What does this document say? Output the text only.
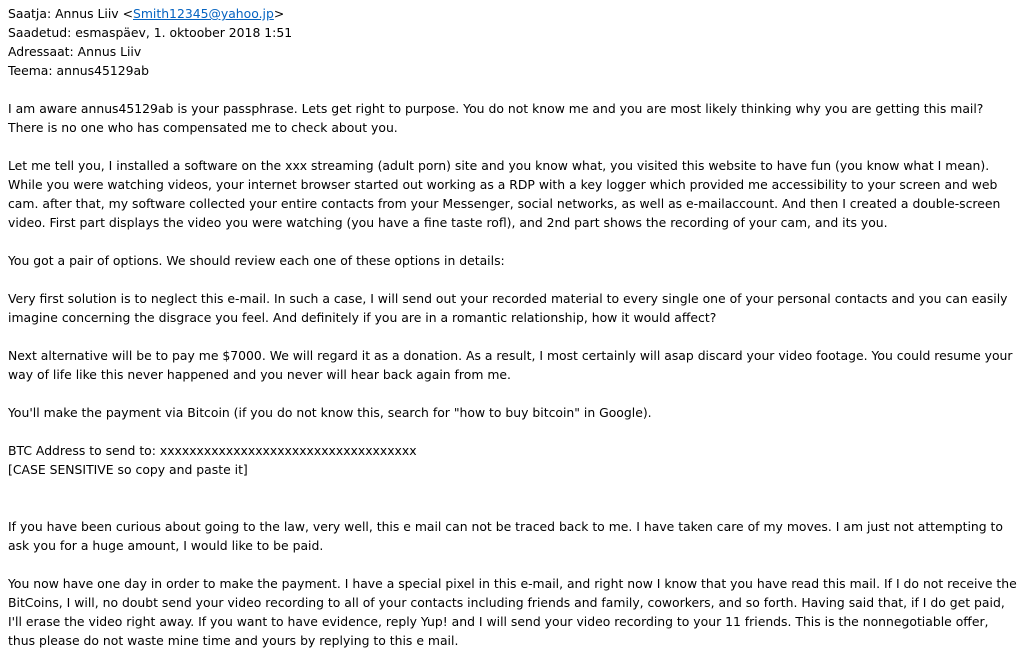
Saatja: Annus Liiv <Smith12345@yahoo.jp>
Saadetud: esmaspäev, 1. oktoober 2018 1:51
Adressaat: Annus Liiv
Teema: annus45129ab

I am aware annus45129ab is your passphrase. Lets get right to purpose. You do not know me and you are most likely thinking why you are getting this mail? There is no one who has compensated me to check about you.

Let me tell you, I installed a software on the xxx streaming (adult porn) site and you know what, you visited this website to have fun (you know what I mean). While you were watching videos, your internet browser started out working as a RDP with a key logger which provided me accessibility to your screen and web cam. after that, my software collected your entire contacts from your Messenger, social networks, as well as e-mailaccount. And then I created a double-screen video. First part displays the video you were watching (you have a fine taste rofl), and 2nd part shows the recording of your cam, and its you.

You got a pair of options. We should review each one of these options in details:

Very first solution is to neglect this e-mail. In such a case, I will send out your recorded material to every single one of your personal contacts and you can easily imagine concerning the disgrace you feel. And definitely if you are in a romantic relationship, how it would affect?

Next alternative will be to pay me $7000. We will regard it as a donation. As a result, I most certainly will asap discard your video footage. You could resume your way of life like this never happened and you never will hear back again from me.

You'll make the payment via Bitcoin (if you do not know this, search for "how to buy bitcoin" in Google).

BTC Address to send to: xxxxxxxxxxxxxxxxxxxxxxxxxxxxxxxxxxx

[CASE SENSITIVE so copy and paste it]

If you have been curious about going to the law, very well, this e mail can not be traced back to me. I have taken care of my moves. I am just not attempting to ask you for a huge amount, I would like to be paid.

You now have one day in order to make the payment. I have a special pixel in this e-mail, and right now I know that you have read this mail. If I do not receive the BitCoins, I will, no doubt send your video recording to all of your contacts including friends and family, coworkers, and so forth. Having said that, if I do get paid, I'll erase the video right away. If you want to have evidence, reply Yup! and I will send your video recording to your 11 friends. This is the nonnegotiable offer, thus please do not waste mine time and yours by replying to this e mail.
